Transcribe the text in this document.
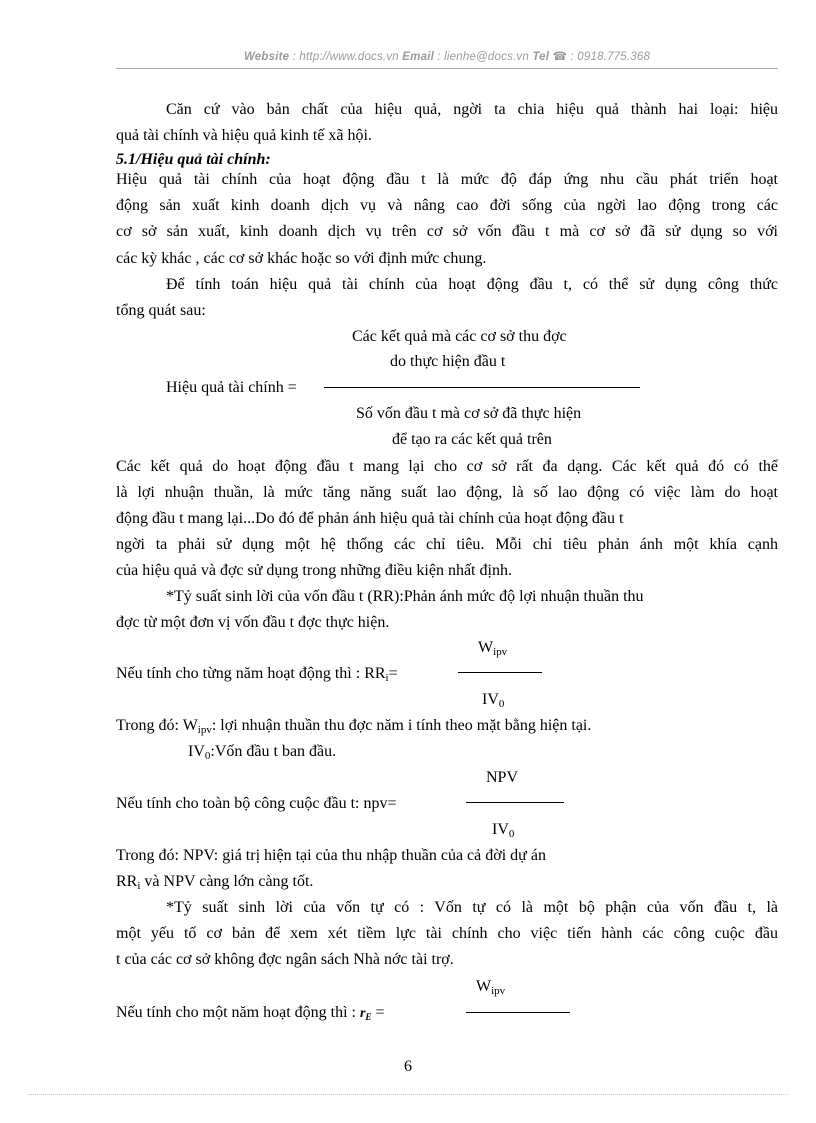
Website : http://www.docs.vn Email : lienhe@docs.vn Tel ☎ : 0918.775.368
Căn cứ vào bản chất của hiệu quả, ngời ta chia hiệu quả thành hai loại: hiệu
quả tài chính và hiệu quả kinh tế xã hội.
5.1/Hiệu quả tài chính:
Hiệu quả tài chính của hoạt động đầu t là mức độ đáp ứng nhu cầu phát triển hoạt
động sản xuất kinh doanh dịch vụ và nâng cao đời sống của ngời lao động trong các
cơ sở sản xuất, kinh doanh dịch vụ trên cơ sở vốn đầu t mà cơ sở đã sử dụng so với
các kỳ khác , các cơ sở khác hoặc so với định mức chung.
Để tính toán hiệu quả tài chính của hoạt động đầu t, có thể sử dụng công thức
tổng quát sau:
Các kết quả mà các cơ sở thu đợc
do thực hiện đầu t
Hiệu quả tài chính =
Số vốn đầu t mà cơ sở đã thực hiện
để tạo ra các kết quả trên
Các kết quả do hoạt động đầu t mang lại cho cơ sở rất đa dạng. Các kết quả đó có thể
là lợi nhuận thuần, là mức tăng năng suất lao động, là số lao động có việc làm do hoạt
động đầu t mang lại...Do đó để phản ánh hiệu quả tài chính của hoạt động đầu t
ngời ta phải sử dụng một hệ thống các chỉ tiêu. Mỗi chỉ tiêu phản ánh một khía cạnh
của hiệu quả và đợc sử dụng trong những điều kiện nhất định.
*Tỷ suất sinh lời của vốn đầu t (RR):Phản ánh mức độ lợi nhuận thuần thu
đợc từ một đơn vị vốn đầu t đợc thực hiện.
$W_{ipv}$
Nếu tính cho từng năm hoạt động thì : $RR_i=$
$IV_0$
Trong đó: $W_{ipv}$: lợi nhuận thuần thu đợc năm i tính theo mặt bằng hiện tại.
$IV_0:Vốn$ đầu t ban đầu.
NPV
Nếu tính cho toàn bộ công cuộc đầu t: npv=
$IV_0$
Trong đó: NPV: giá trị hiện tại của thu nhập thuần của cả đời dự án
$RR_i$ và NPV càng lớn càng tốt.
*Tỷ suất sinh lời của vốn tự có : Vốn tự có là một bộ phận của vốn đầu t, là
một yếu tố cơ bản để xem xét tiềm lực tài chính cho việc tiến hành các công cuộc đầu
t của các cơ sở không đợc ngân sách Nhà nớc tài trợ.
$W_{ipv}$
Nếu tính cho một năm hoạt động thì : $r_E$ =
6
